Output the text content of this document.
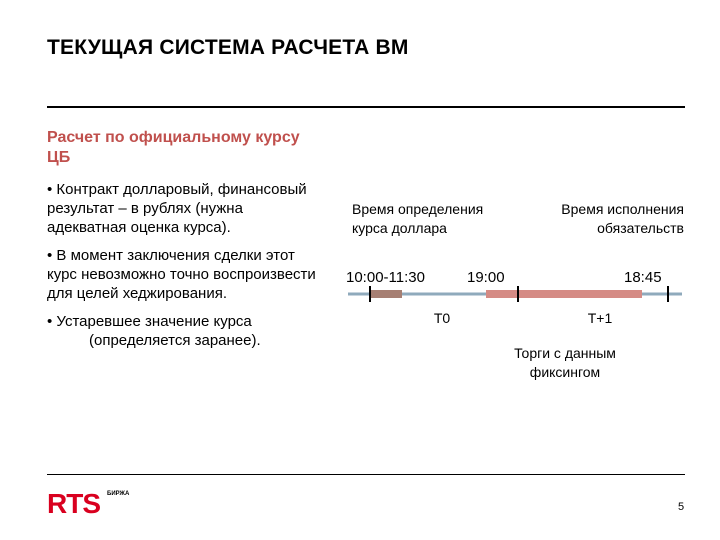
ТЕКУЩАЯ СИСТЕМА РАСЧЕТА ВМ
Расчет по официальному курсу ЦБ

• Контракт долларовый, финансовый результат – в рублях (нужна адекватная оценка курса).

• В момент заключения сделки этот курс невозможно точно воспроизвести для целей хеджирования.

• Устаревшее значение курса (определяется заранее).

Время определения
курса доллара
Время исполнения
обязательств
10:00-11:30	19:00	18:45
T0	T+1
Торги с данным
фиксингом
RTS БИРЖА
5
